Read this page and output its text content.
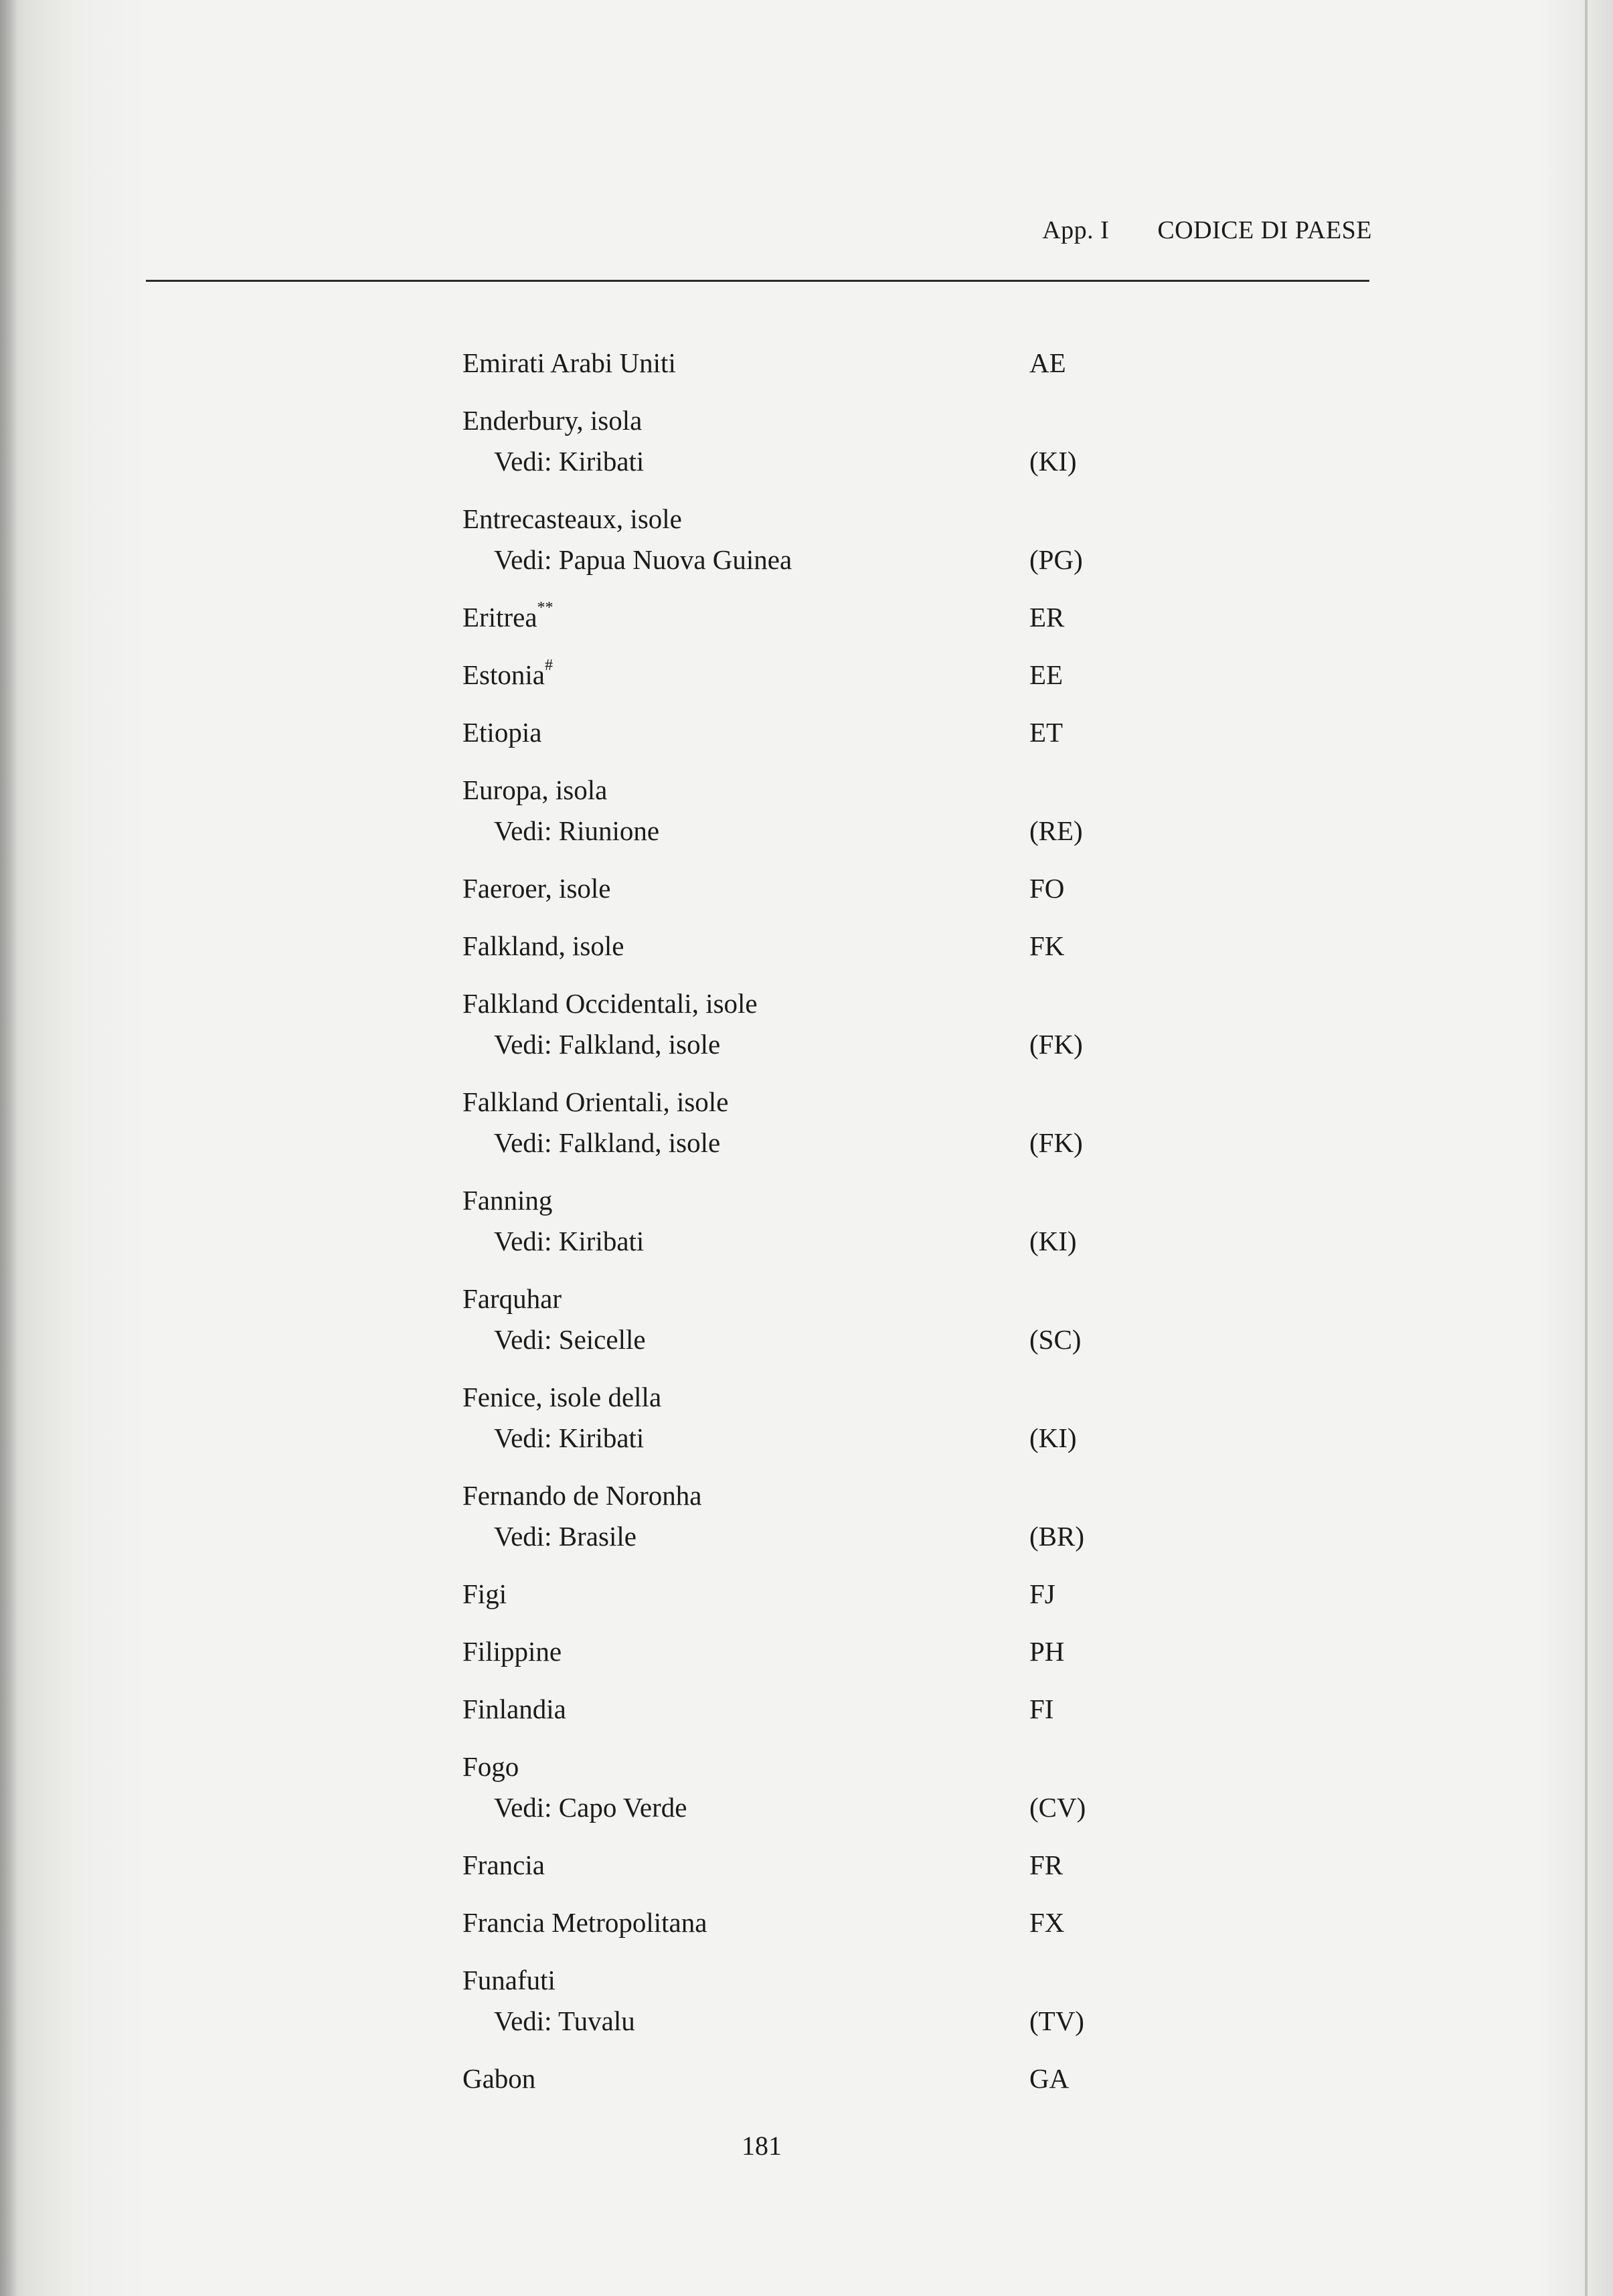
App. I CODICE DI PAESE
Emirati Arabi Uniti	AE
Enderbury, isola
Vedi: Kiribati	(KI)
Entrecasteaux, isole
Vedi: Papua Nuova Guinea	(PG)
Eritrea**	ER
Estonia#	EE
Etiopia	ET
Europa, isola
Vedi: Riunione	(RE)
Faeroer, isole	FO
Falkland, isole	FK
Falkland Occidentali, isole
Vedi: Falkland, isole	(FK)
Falkland Orientali, isole
Vedi: Falkland, isole	(FK)
Fanning
Vedi: Kiribati	(KI)
Farquhar
Vedi: Seicelle	(SC)
Fenice, isole della
Vedi: Kiribati	(KI)
Fernando de Noronha
Vedi: Brasile	(BR)
Figi	FJ
Filippine	PH
Finlandia	FI
Fogo
Vedi: Capo Verde	(CV)
Francia	FR
Francia Metropolitana	FX
Funafuti
Vedi: Tuvalu	(TV)
Gabon	GA
181
